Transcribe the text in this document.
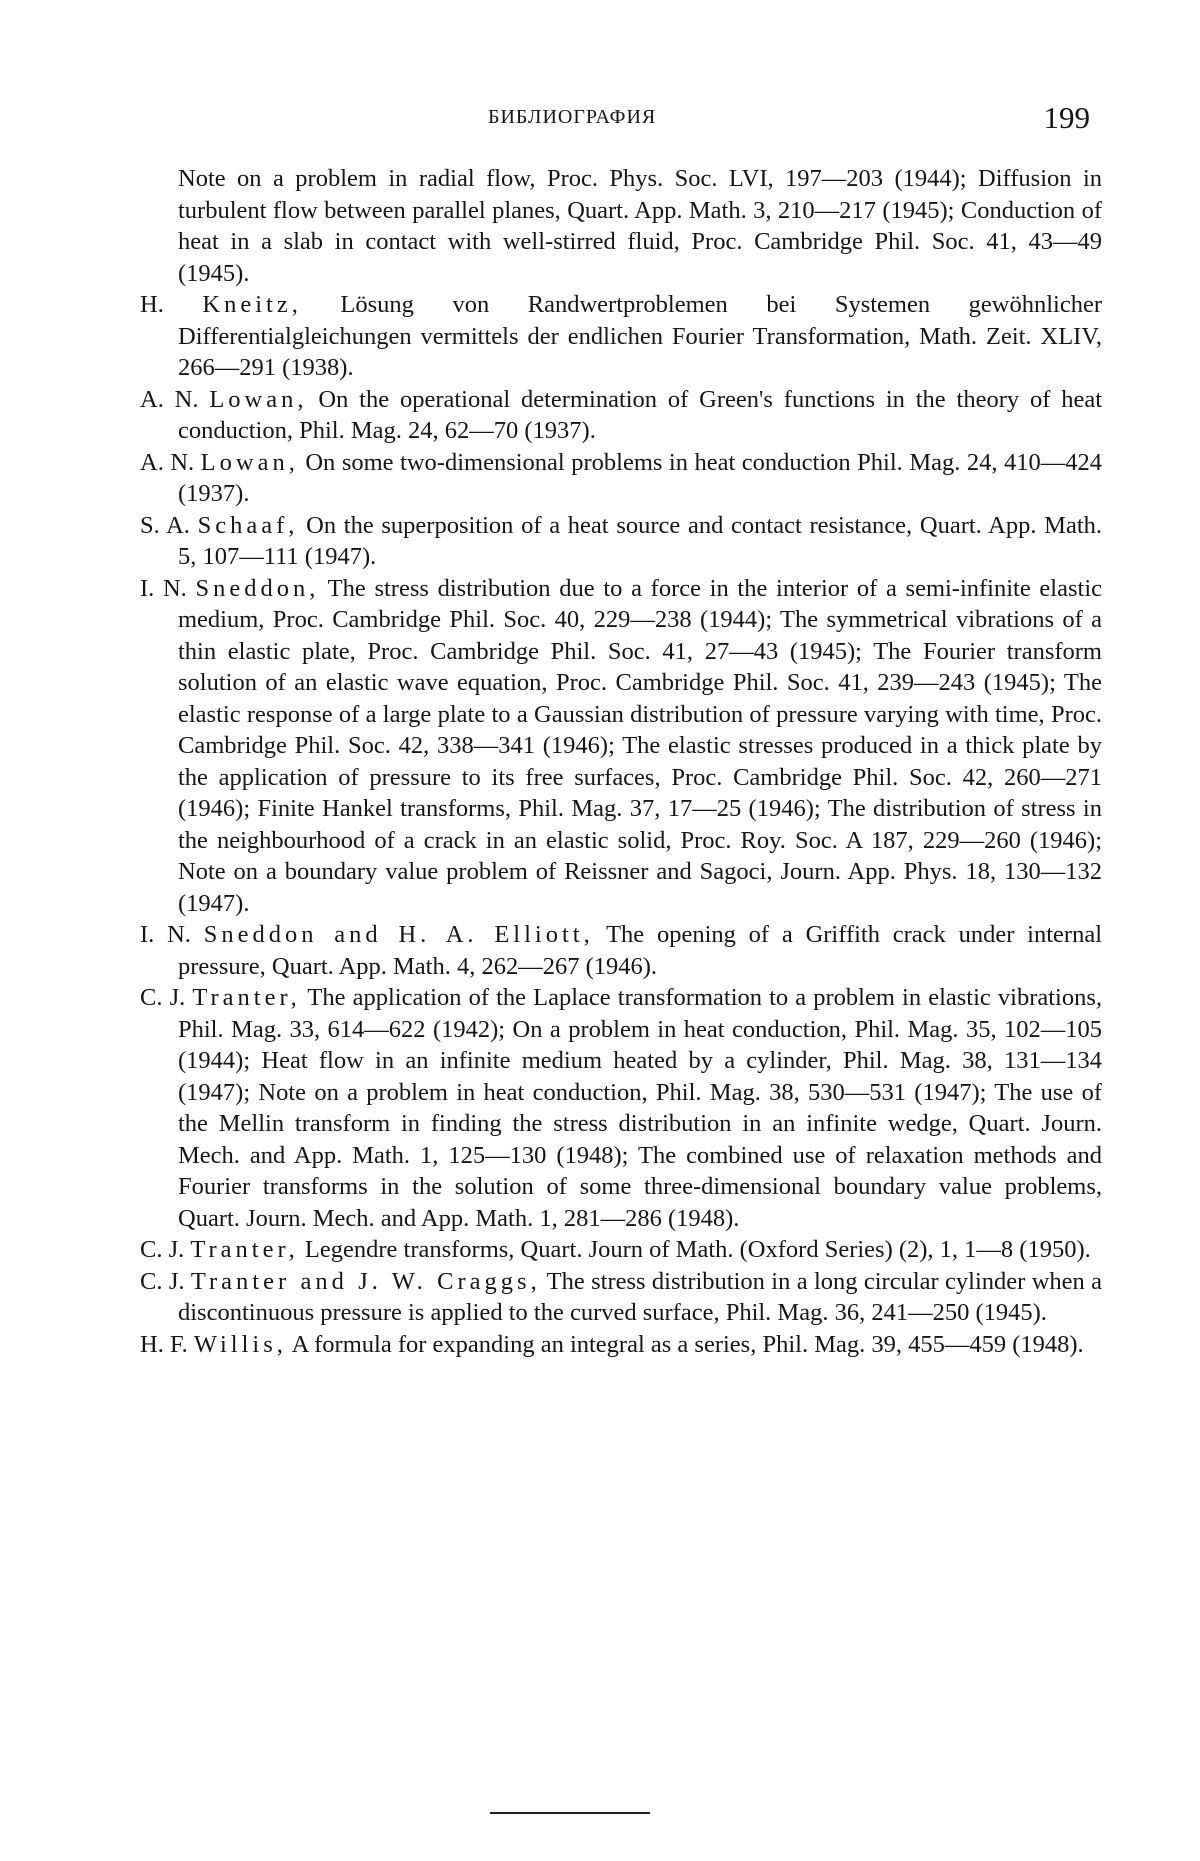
БИБЛИОГРАФИЯ	199

Note on a problem in radial flow, Proc. Phys. Soc. LVI, 197—203 (1944); Diffusion in turbulent flow between parallel planes, Quart. App. Math. 3, 210—217 (1945); Conduction of heat in a slab in contact with well-stirred fluid, Proc. Cambridge Phil. Soc. 41, 43—49 (1945).

H. Kneitz, Lösung von Randwertproblemen bei Systemen gewöhnlicher Differentialgleichungen vermittels der endlichen Fourier Transformation, Math. Zeit. XLIV, 266—291 (1938).

A. N. Lowan, On the operational determination of Green's functions in the theory of heat conduction, Phil. Mag. 24, 62—70 (1937).

A. N. Lowan, On some two-dimensional problems in heat conduction Phil. Mag. 24, 410—424 (1937).

S. A. Schaaf, On the superposition of a heat source and contact resistance, Quart. App. Math. 5, 107—111 (1947).

I. N. Sneddon, The stress distribution due to a force in the interior of a semi-infinite elastic medium, Proc. Cambridge Phil. Soc. 40, 229—238 (1944); The symmetrical vibrations of a thin elastic plate, Proc. Cambridge Phil. Soc. 41, 27—43 (1945); The Fourier transform solution of an elastic wave equation, Proc. Cambridge Phil. Soc. 41, 239—243 (1945); The elastic response of a large plate to a Gaussian distribution of pressure varying with time, Proc. Cambridge Phil. Soc. 42, 338—341 (1946); The elastic stresses produced in a thick plate by the application of pressure to its free surfaces, Proc. Cambridge Phil. Soc. 42, 260—271 (1946); Finite Hankel transforms, Phil. Mag. 37, 17—25 (1946); The distribution of stress in the neighbourhood of a crack in an elastic solid, Proc. Roy. Soc. A 187, 229—260 (1946); Note on a boundary value problem of Reissner and Sagoci, Journ. App. Phys. 18, 130—132 (1947).

I. N. Sneddon and H. A. Elliott, The opening of a Griffith crack under internal pressure, Quart. App. Math. 4, 262—267 (1946).

C. J. Tranter, The application of the Laplace transformation to a problem in elastic vibrations, Phil. Mag. 33, 614—622 (1942); On a problem in heat conduction, Phil. Mag. 35, 102—105 (1944); Heat flow in an infinite medium heated by a cylinder, Phil. Mag. 38, 131—134 (1947); Note on a problem in heat conduction, Phil. Mag. 38, 530—531 (1947); The use of the Mellin transform in finding the stress distribution in an infinite wedge, Quart. Journ. Mech. and App. Math. 1, 125—130 (1948); The combined use of relaxation methods and Fourier transforms in the solution of some three-dimensional boundary value problems, Quart. Journ. Mech. and App. Math. 1, 281—286 (1948).

C. J. Tranter, Legendre transforms, Quart. Journ of Math. (Oxford Series) (2), 1, 1—8 (1950).

C. J. Tranter and J. W. Craggs, The stress distribution in a long circular cylinder when a discontinuous pressure is applied to the curved surface, Phil. Mag. 36, 241—250 (1945).

H. F. Willis, A formula for expanding an integral as a series, Phil. Mag. 39, 455—459 (1948).
